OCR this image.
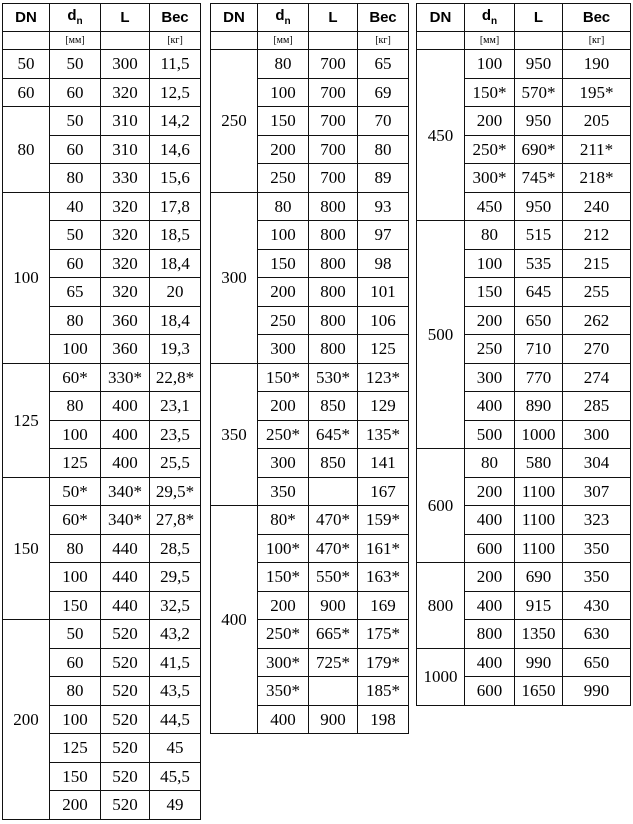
DN	$d_n$	L	Вес
	[мм]		[кг]
50	50	300	11,5
60	60	320	12,5
80	50	310	14,2
	60	310	14,6
	80	330	15,6
100	40	320	17,8
	50	320	18,5
	60	320	18,4
	65	320	20
	80	360	18,4
	100	360	19,3
125	60*	330*	22,8*
	80	400	23,1
	100	400	23,5
	125	400	25,5
150	50*	340*	29,5*
	60*	340*	27,8*
	80	440	28,5
	100	440	29,5
	150	440	32,5
200	50	520	43,2
	60	520	41,5
	80	520	43,5
	100	520	44,5
	125	520	45
	150	520	45,5
	200	520	49
DN	$d_n$	L	Вес
	[мм]		[кг]
250	80	700	65
	100	700	69
	150	700	70
	200	700	80
	250	700	89
300	80	800	93
	100	800	97
	150	800	98
	200	800	101
	250	800	106
	300	800	125
350	150*	530*	123*
	200	850	129
	250*	645*	135*
	300	850	141
	350		167
400	80*	470*	159*
	100*	470*	161*
	150*	550*	163*
	200	900	169
	250*	665*	175*
	300*	725*	179*
	350*		185*
	400	900	198
DN	$d_n$	L	Вес
	[мм]		[кг]
450	100	950	190
	150*	570*	195*
	200	950	205
	250*	690*	211*
	300*	745*	218*
	450	950	240
500	80	515	212
	100	535	215
	150	645	255
	200	650	262
	250	710	270
	300	770	274
	400	890	285
	500	1000	300
600	80	580	304
	200	1100	307
	400	1100	323
	600	1100	350
800	200	690	350
	400	915	430
	800	1350	630
1000	400	990	650
	600	1650	990
